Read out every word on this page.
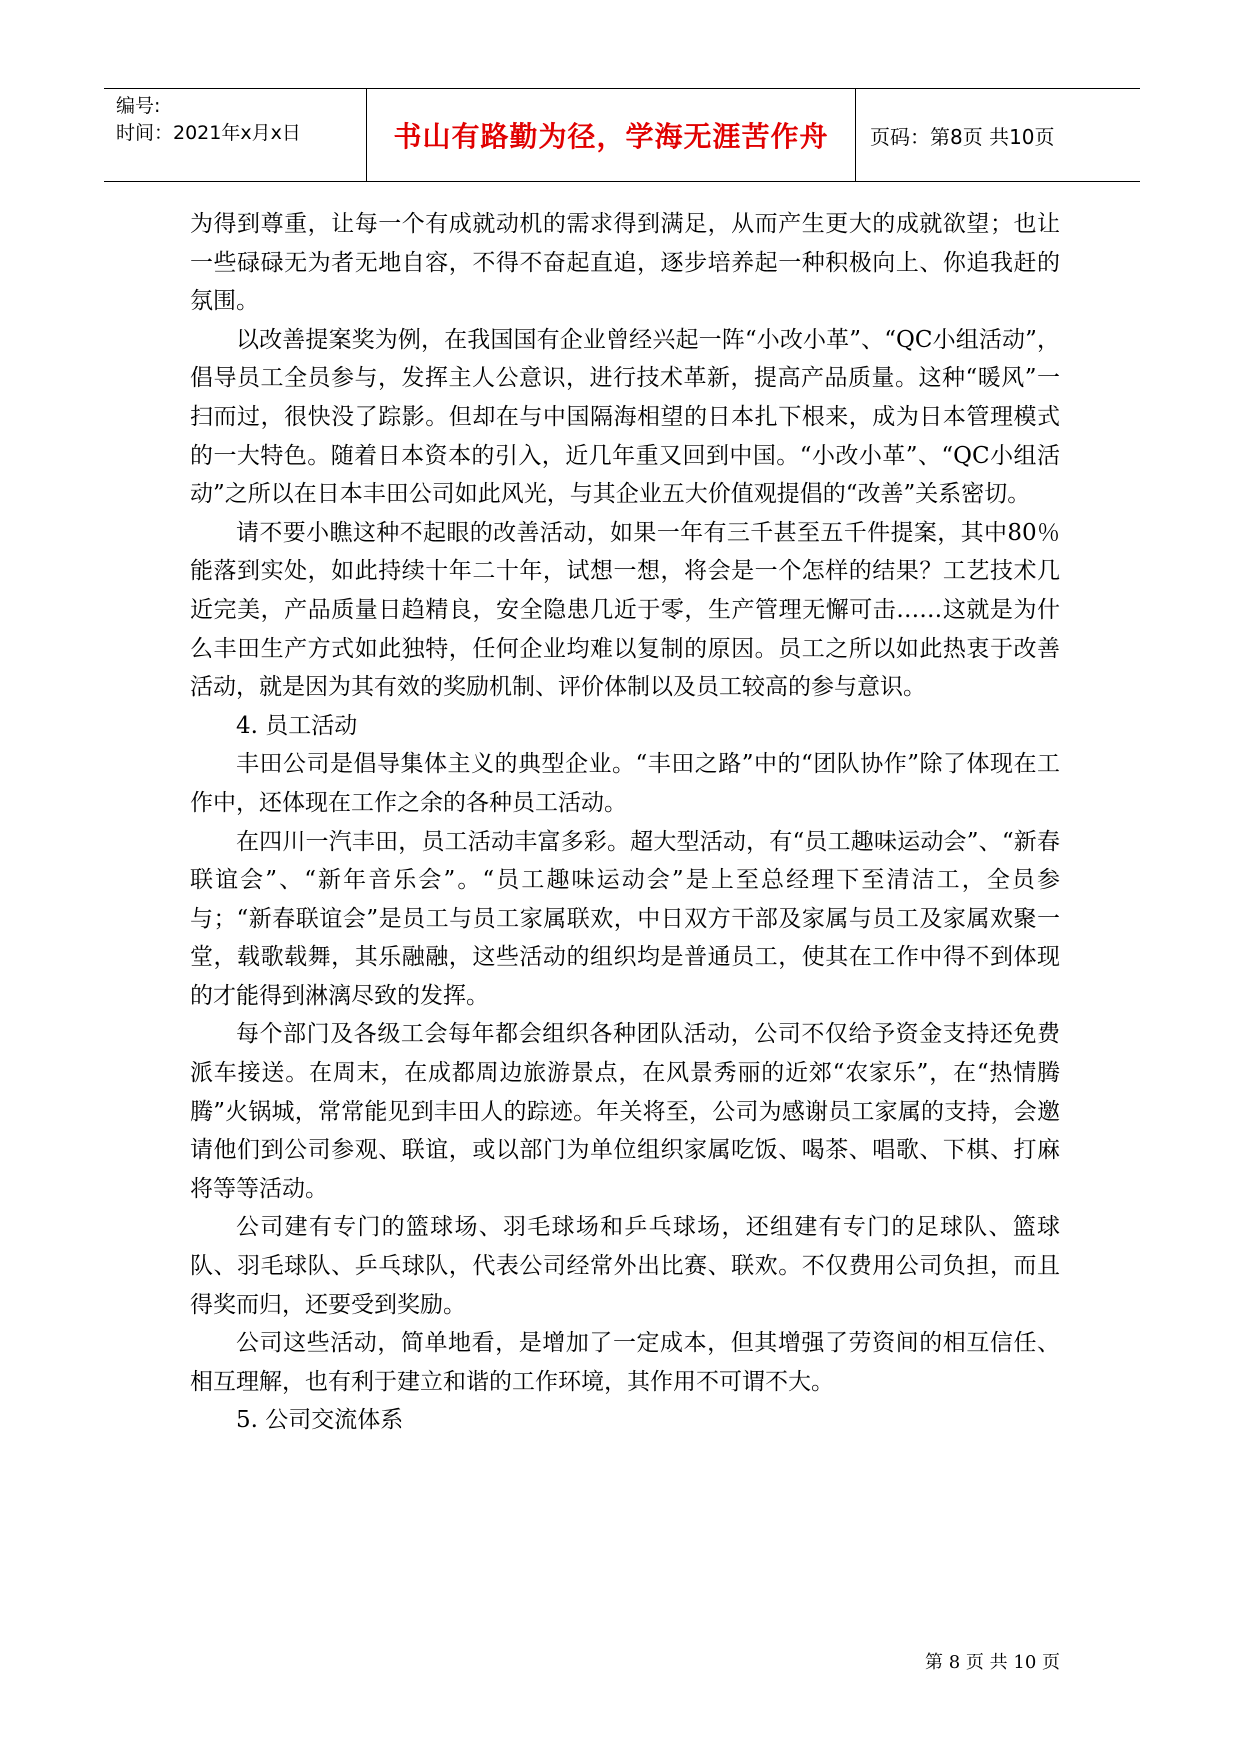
编号:
时间：2021年x月x日	书山有路勤为径，学海无涯苦作舟 页码：第8页 共10页

为得到尊重，让每一个有成就动机的需求得到满足，从而产生更大的成就欲望；也让一些碌碌无为者无地自容，不得不奋起直追，逐步培养起一种积极向上、你追我赶的氛围。

以改善提案奖为例，在我国国有企业曾经兴起一阵“小改小革”、“QC小组活动”，倡导员工全员参与，发挥主人公意识，进行技术革新，提高产品质量。这种“暖风”一扫而过，很快没了踪影。但却在与中国隔海相望的日本扎下根来，成为日本管理模式的一大特色。随着日本资本的引入，近几年重又回到中国。“小改小革”、“QC小组活动”之所以在日本丰田公司如此风光，与其企业五大价值观提倡的“改善”关系密切。

请不要小瞧这种不起眼的改善活动，如果一年有三千甚至五千件提案，其中80％能落到实处，如此持续十年二十年，试想一想，将会是一个怎样的结果？工艺技术几近完美，产品质量日趋精良，安全隐患几近于零，生产管理无懈可击……这就是为什么丰田生产方式如此独特，任何企业均难以复制的原因。员工之所以如此热衷于改善活动，就是因为其有效的奖励机制、评价体制以及员工较高的参与意识。

4. 员工活动

丰田公司是倡导集体主义的典型企业。“丰田之路”中的“团队协作”除了体现在工作中，还体现在工作之余的各种员工活动。

在四川一汽丰田，员工活动丰富多彩。超大型活动，有“员工趣味运动会”、“新春联谊会”、“新年音乐会”。“员工趣味运动会”是上至总经理下至清洁工，全员参与；“新春联谊会”是员工与员工家属联欢，中日双方干部及家属与员工及家属欢聚一堂，载歌载舞，其乐融融，这些活动的组织均是普通员工，使其在工作中得不到体现的才能得到淋漓尽致的发挥。

每个部门及各级工会每年都会组织各种团队活动，公司不仅给予资金支持还免费派车接送。在周末，在成都周边旅游景点，在风景秀丽的近郊“农家乐”，在“热情腾腾”火锅城，常常能见到丰田人的踪迹。年关将至，公司为感谢员工家属的支持，会邀请他们到公司参观、联谊，或以部门为单位组织家属吃饭、喝茶、唱歌、下棋、打麻将等等活动。

公司建有专门的篮球场、羽毛球场和乒乓球场，还组建有专门的足球队、篮球队、羽毛球队、乒乓球队，代表公司经常外出比赛、联欢。不仅费用公司负担，而且得奖而归，还要受到奖励。

公司这些活动，简单地看，是增加了一定成本，但其增强了劳资间的相互信任、相互理解，也有利于建立和谐的工作环境，其作用不可谓不大。

5. 公司交流体系

第 8 页 共 10 页
